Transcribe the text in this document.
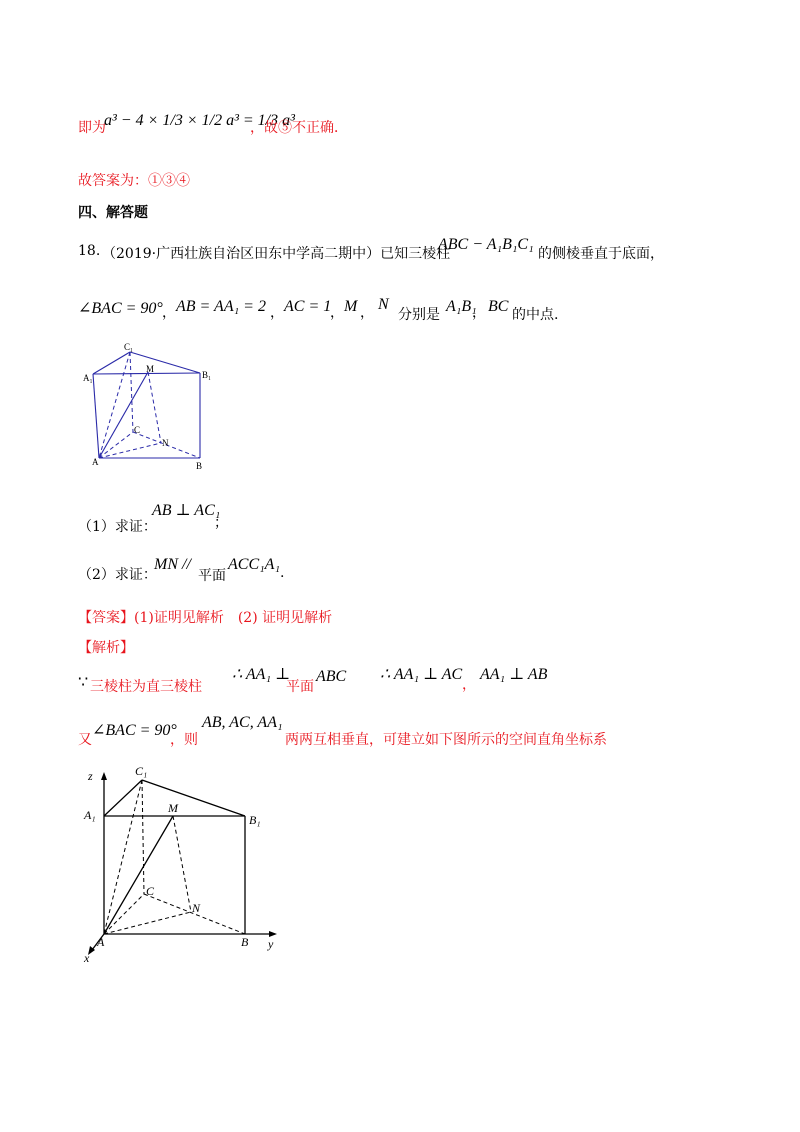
即为
a³ − 4 × 1/3 × 1/2 a³ = 1/3 a³
，故⑤不正确．
故答案为：①③④
四、解答题
18. （2019·广西壮族自治区田东中学高二期中）已知三棱柱
ABC − A₁B₁C₁
的侧棱垂直于底面，
∠BAC = 90° ， AB = AA₁ = 2 ， AC = 1
， M ， N
分别是 A₁B₁
， BC 的中点.
C₁
A₁
M
B₁
C
N
A	B
（1）求证：
AB ⊥ AC₁
；
（2）求证：
MN //
平面
ACC₁A₁ .
【答案】 (1)证明见解析　(2) 证明见解析
【解析】
∵ 三棱柱为直三棱柱
∴ AA₁ ⊥
平面
ABC ∴ AA₁ ⊥ AC
，
AA₁ ⊥ AB
又
∠BAC = 90°
，则
AB, AC, AA₁
两两互相垂直，可建立如下图所示的空间直角坐标系
z	C₁
A₁	M
B₁
C
N
A	B y
x
